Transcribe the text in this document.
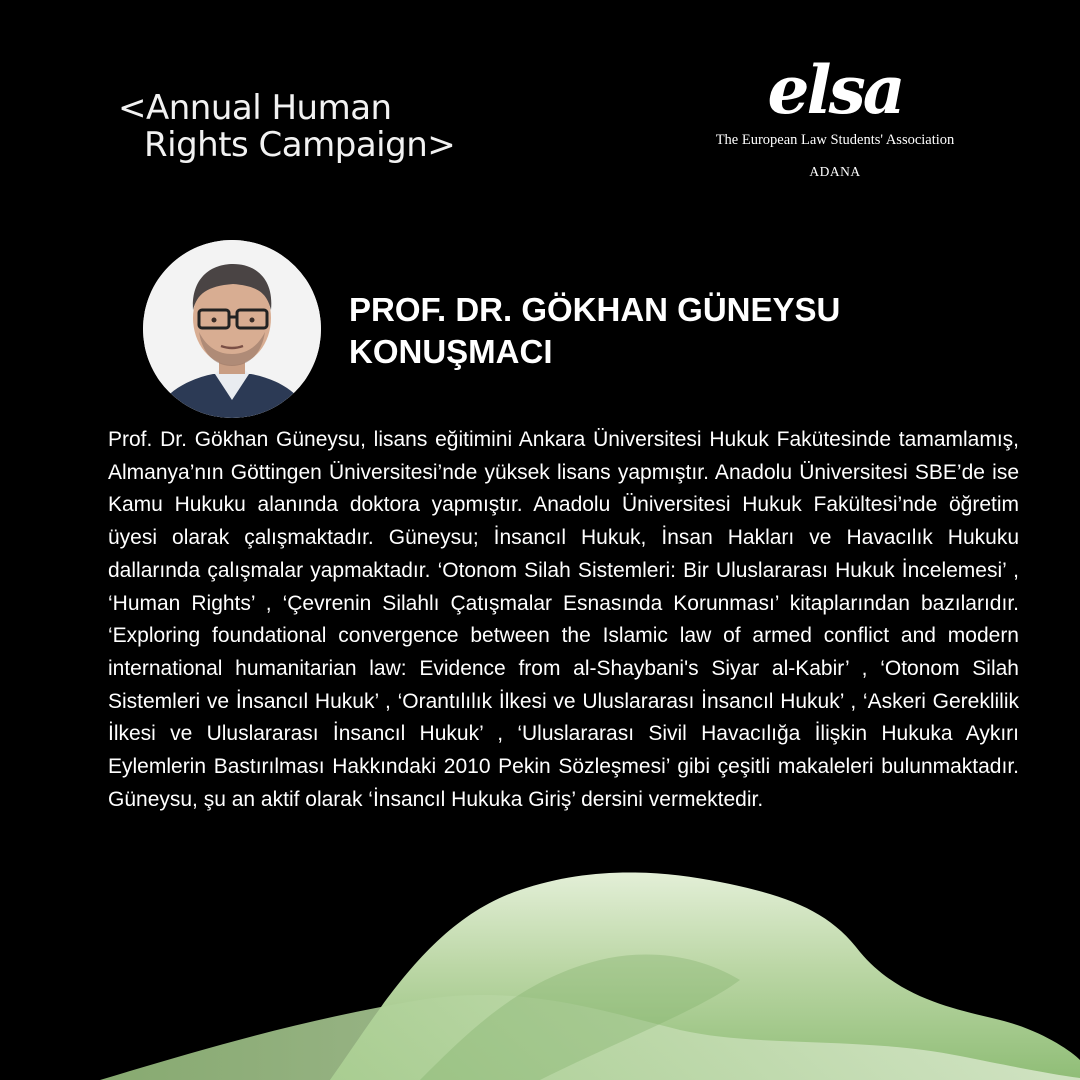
<Annual Human
Rights Campaign>
elsa
The European Law Students' Association
ADANA
PROF. DR. GÖKHAN GÜNEYSU
KONUŞMACI
Prof. Dr. Gökhan Güneysu, lisans eğitimini Ankara Üniversitesi Hukuk Fakütesinde tamamlamış, Almanya’nın Göttingen Üniversitesi’nde yüksek lisans yapmıştır. Anadolu Üniversitesi SBE’de ise Kamu Hukuku alanında doktora yapmıştır. Anadolu Üniversitesi Hukuk Fakültesi’nde öğretim üyesi olarak çalışmaktadır. Güneysu; İnsancıl Hukuk, İnsan Hakları ve Havacılık Hukuku dallarında çalışmalar yapmaktadır. ‘Otonom Silah Sistemleri: Bir Uluslararası Hukuk İncelemesi’ , ‘Human Rights’ , ‘Çevrenin Silahlı Çatışmalar Esnasında Korunması’ kitaplarından bazılarıdır. ‘Exploring foundational convergence between the Islamic law of armed conflict and modern international humanitarian law: Evidence from al-Shaybani's Siyar al-Kabir’ , ‘Otonom Silah Sistemleri ve İnsancıl Hukuk’ , ‘Orantılılık İlkesi ve Uluslararası İnsancıl Hukuk’ , ‘Askeri Gereklilik İlkesi ve Uluslararası İnsancıl Hukuk’ , ‘Uluslararası Sivil Havacılığa İlişkin Hukuka Aykırı Eylemlerin Bastırılması Hakkındaki 2010 Pekin Sözleşmesi’ gibi çeşitli makaleleri bulunmaktadır. Güneysu, şu an aktif olarak ‘İnsancıl Hukuka Giriş’ dersini vermektedir.
